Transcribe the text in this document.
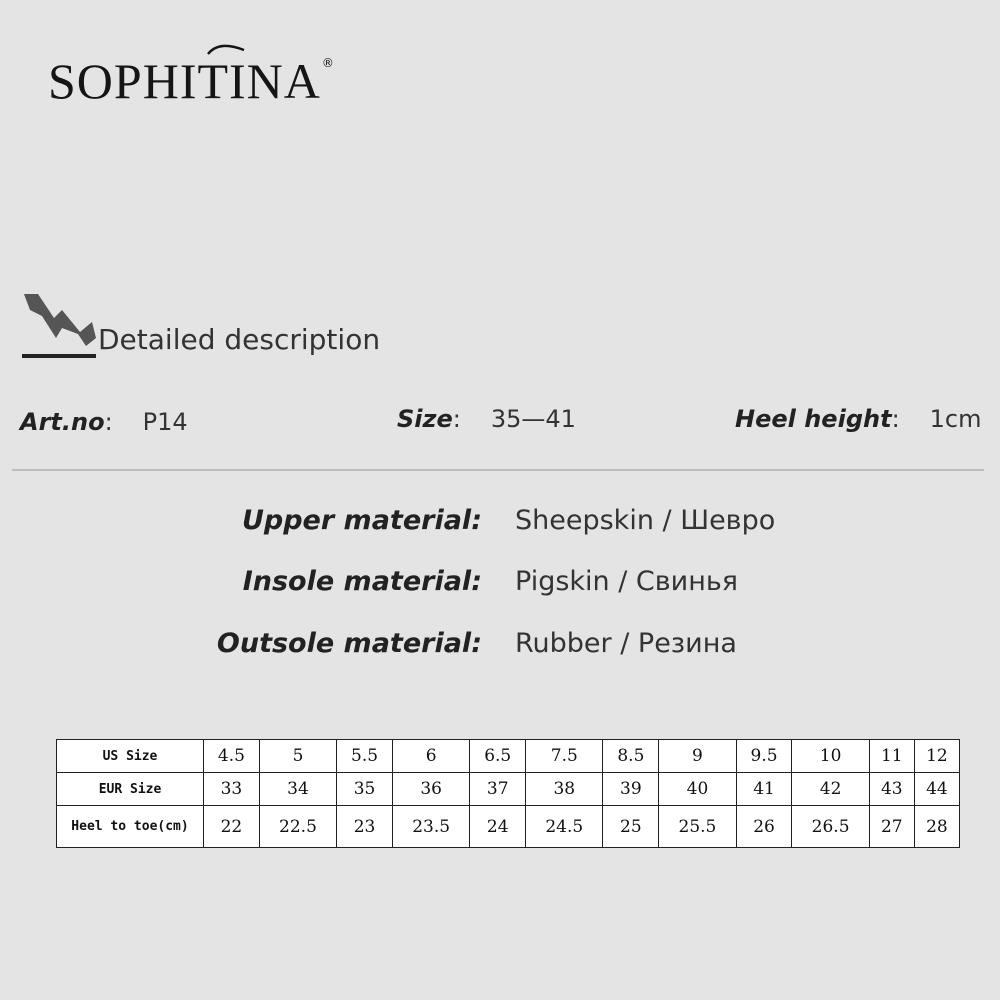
SOPHITINA ®
Detailed description
Art.no: P14	Size: 35—41	Heel height: 1cm
Upper material: Sheepskin / Шевро
Insole material: Pigskin / Свинья
Outsole material: Rubber / Резина
US Size	4.5	5	5.5	6	6.5	7.5	8.5	9	9.5	10	11	12
EUR Size	33	34	35	36	37	38	39	40	41	42	43	44
Heel to toe(cm)	22	22.5	23	23.5	24	24.5	25	25.5	26	26.5	27	28
